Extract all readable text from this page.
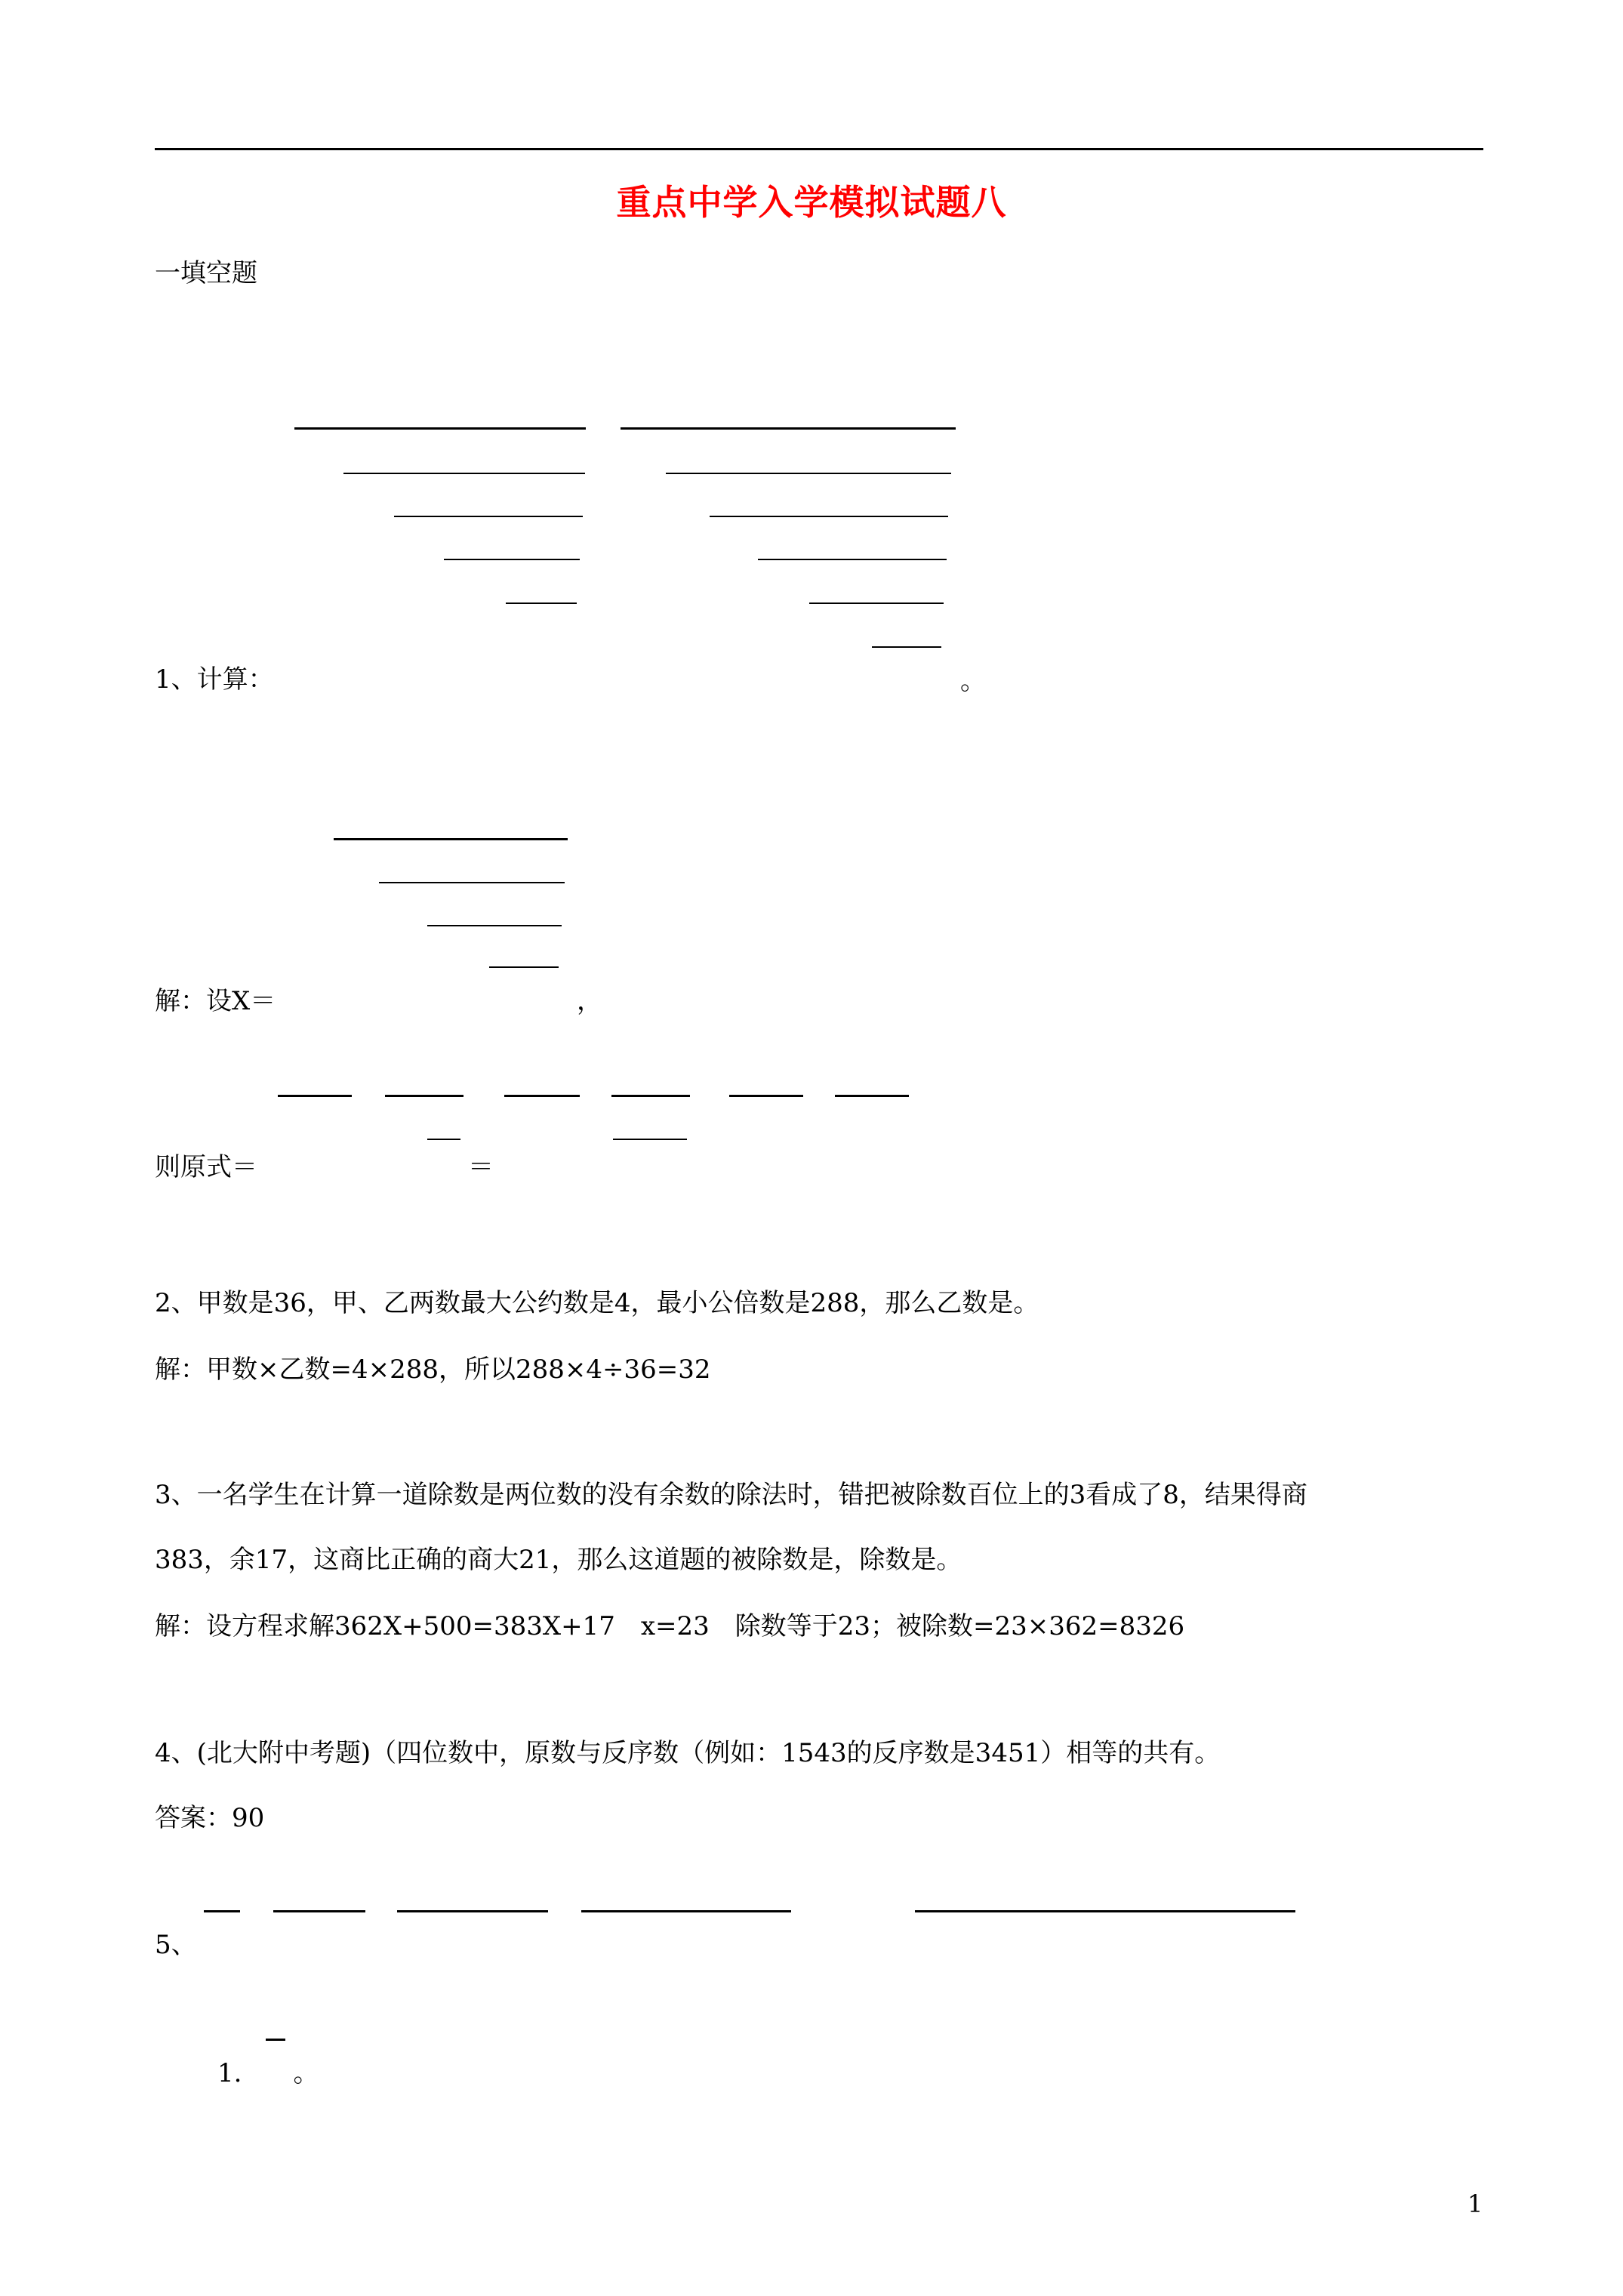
重点中学入学模拟试题八
一填空题
1、计算：	。
解：设X＝	，
则原式＝	＝
2、甲数是36，甲、乙两数最大公约数是4，最小公倍数是288，那么乙数是。
解：甲数×乙数=4×288，所以288×4÷36=32
3、一名学生在计算一道除数是两位数的没有余数的除法时，错把被除数百位上的3看成了8，结果得商
383，余17，这商比正确的商大21，那么这道题的被除数是，除数是。
解：设方程求解362X+500=383X+17　x=23　除数等于23；被除数=23×362=8326
4、(北大附中考题)（四位数中，原数与反序数（例如：1543的反序数是3451）相等的共有。
答案：90
5、
1.　　。
1
